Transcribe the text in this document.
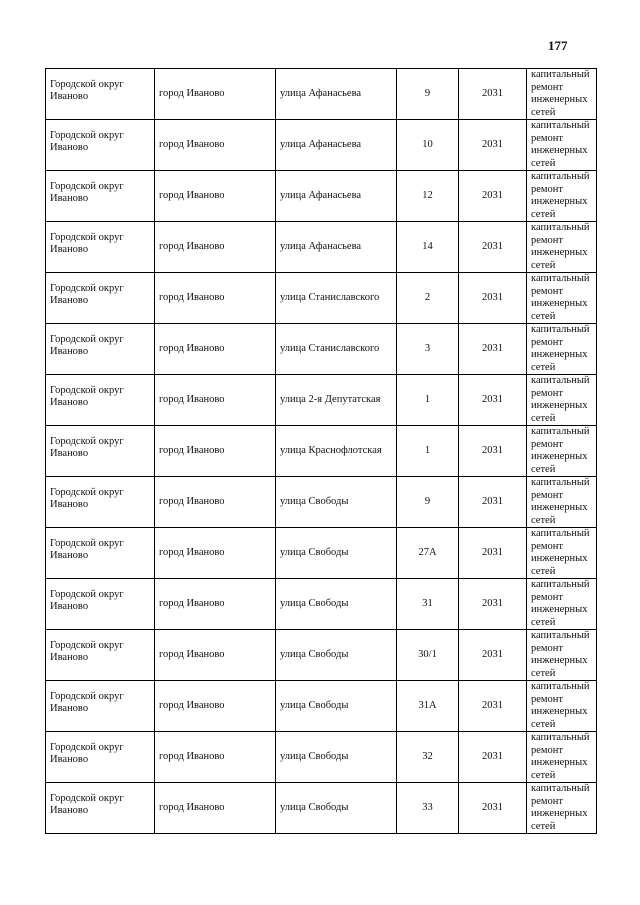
177
Городской округ Иваново	город Иваново	улица Афанасьева	9	2031	капитальный ремонт инженерных сетей

Городской округ Иваново	город Иваново	улица Афанасьева	10	2031	капитальный ремонт инженерных сетей

Городской округ Иваново	город Иваново	улица Афанасьева	12	2031	капитальный ремонт инженерных сетей

Городской округ Иваново	город Иваново	улица Афанасьева	14	2031	капитальный ремонт инженерных сетей

Городской округ Иваново	город Иваново	улица Станиславского	2	2031	капитальный ремонт инженерных сетей

Городской округ Иваново	город Иваново	улица Станиславского	3	2031	капитальный ремонт инженерных сетей

Городской округ Иваново	город Иваново	улица 2-я Депутатская	1	2031	капитальный ремонт инженерных сетей

Городской округ Иваново	город Иваново	улица Краснофлотская	1	2031	капитальный ремонт инженерных сетей

Городской округ Иваново	город Иваново	улица Свободы	9	2031	капитальный ремонт инженерных сетей

Городской округ Иваново	город Иваново	улица Свободы	27А	2031	капитальный ремонт инженерных сетей

Городской округ Иваново	город Иваново	улица Свободы	31	2031	капитальный ремонт инженерных сетей

Городской округ Иваново	город Иваново	улица Свободы	30/1	2031	капитальный ремонт инженерных сетей

Городской округ Иваново	город Иваново	улица Свободы	31А	2031	капитальный ремонт инженерных сетей

Городской округ Иваново	город Иваново	улица Свободы	32	2031	капитальный ремонт инженерных сетей

Городской округ Иваново	город Иваново	улица Свободы	33	2031	капитальный ремонт инженерных сетей
